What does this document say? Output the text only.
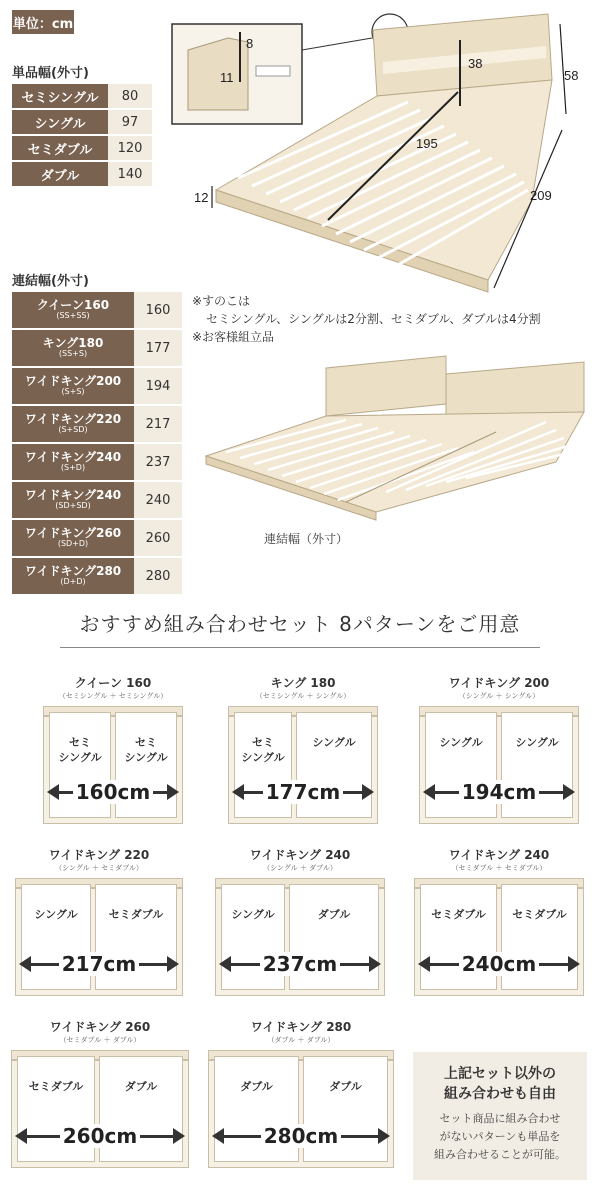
単位：cm
単品幅(外寸)
セミシングル	80
シングル	97
セミダブル	120
ダブル	140
8
11
38
58
195
209
12
連結幅(外寸)
クイーン160
(SS+SS)	160
キング180
(SS+S)	177
ワイドキング200
(S+S)	194
ワイドキング220
(S+SD)	217
ワイドキング240
(S+D)	237
ワイドキング240
(SD+SD)	240
ワイドキング260
(SD+D)	260
ワイドキング280
(D+D)	280
※すのこは
セミシングル、シングルは2分割、セミダブル、ダブルは4分割
※お客様組立品
連結幅（外寸）
おすすめ組み合わせセット 8パターンをご用意
クイーン 160
（セミシングル ＋ セミシングル）
セミ
シングル
セミ
シングル
160cm
キング 180
（セミシングル ＋ シングル）
セミ
シングル
シングル
177cm
ワイドキング 200
（シングル ＋ シングル）
シングル	シングル
194cm
ワイドキング 220
（シングル ＋ セミダブル）
シングル	セミダブル
217cm
ワイドキング 240
（シングル ＋ ダブル）
シングル	ダブル
237cm
ワイドキング 240
（セミダブル ＋ セミダブル）
セミダブル	セミダブル
240cm
ワイドキング 260
（セミダブル ＋ ダブル）
セミダブル	ダブル
260cm
ワイドキング 280
（ダブル ＋ ダブル）
ダブル	ダブル
280cm
上記セット以外の
組み合わせも自由
セット商品に組み合わせ
がないパターンも単品を
組み合わせることが可能。
